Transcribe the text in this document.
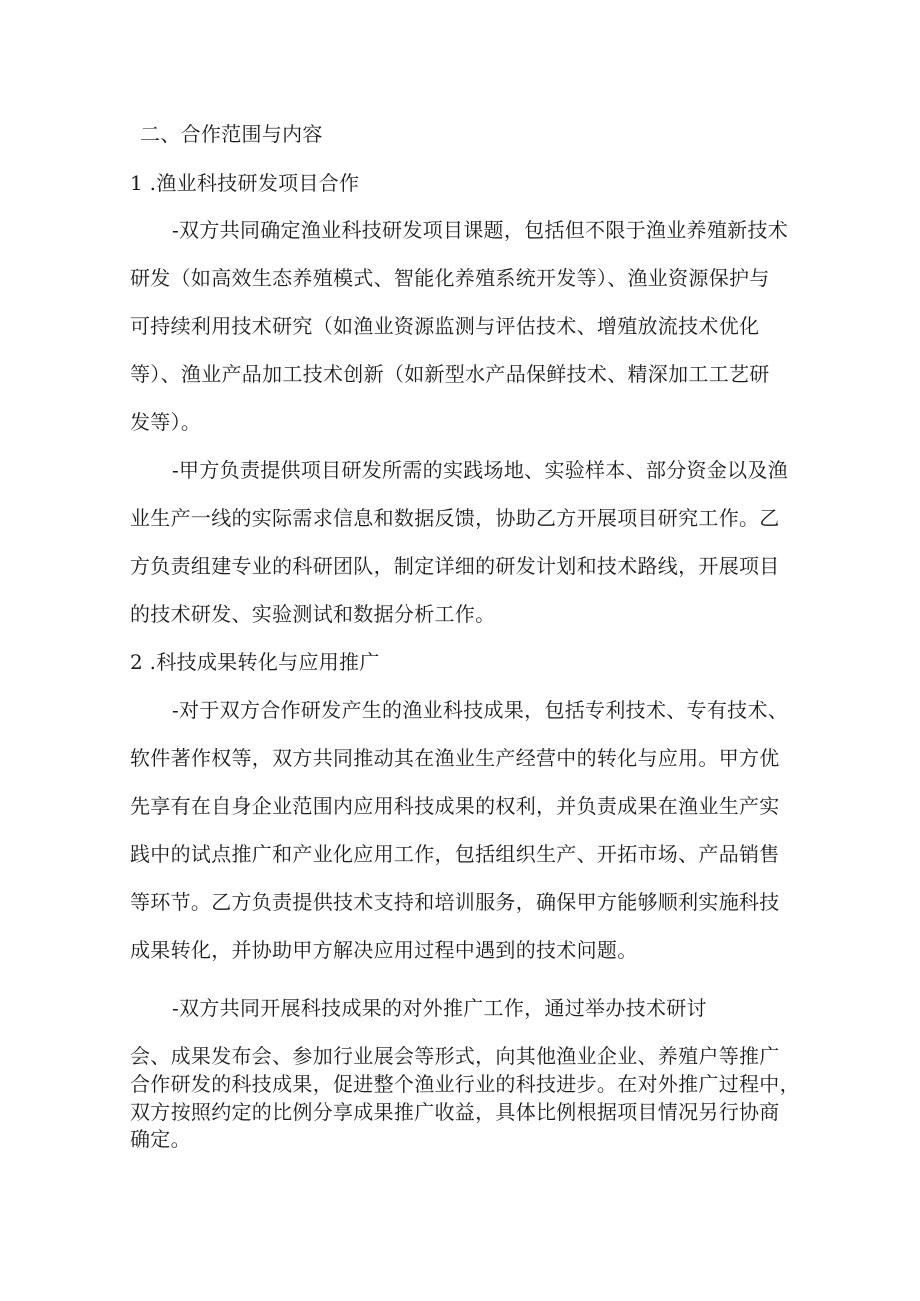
二、合作范围与内容
1 .渔业科技研发项目合作
-双方共同确定渔业科技研发项目课题，包括但不限于渔业养殖新技术
研发（如高效生态养殖模式、智能化养殖系统开发等）、渔业资源保护与
可持续利用技术研究（如渔业资源监测与评估技术、增殖放流技术优化
等）、渔业产品加工技术创新（如新型水产品保鲜技术、精深加工工艺研
发等）。
-甲方负责提供项目研发所需的实践场地、实验样本、部分资金以及渔
业生产一线的实际需求信息和数据反馈，协助乙方开展项目研究工作。乙
方负责组建专业的科研团队，制定详细的研发计划和技术路线，开展项目
的技术研发、实验测试和数据分析工作。
2 .科技成果转化与应用推广
-对于双方合作研发产生的渔业科技成果，包括专利技术、专有技术、
软件著作权等，双方共同推动其在渔业生产经营中的转化与应用。甲方优
先享有在自身企业范围内应用科技成果的权利，并负责成果在渔业生产实
践中的试点推广和产业化应用工作，包括组织生产、开拓市场、产品销售
等环节。乙方负责提供技术支持和培训服务，确保甲方能够顺利实施科技
成果转化，并协助甲方解决应用过程中遇到的技术问题。
-双方共同开展科技成果的对外推广工作，通过举办技术研讨
会、成果发布会、参加行业展会等形式，向其他渔业企业、养殖户等推广
合作研发的科技成果，促进整个渔业行业的科技进步。在对外推广过程中，
双方按照约定的比例分享成果推广收益，具体比例根据项目情况另行协商
确定。
